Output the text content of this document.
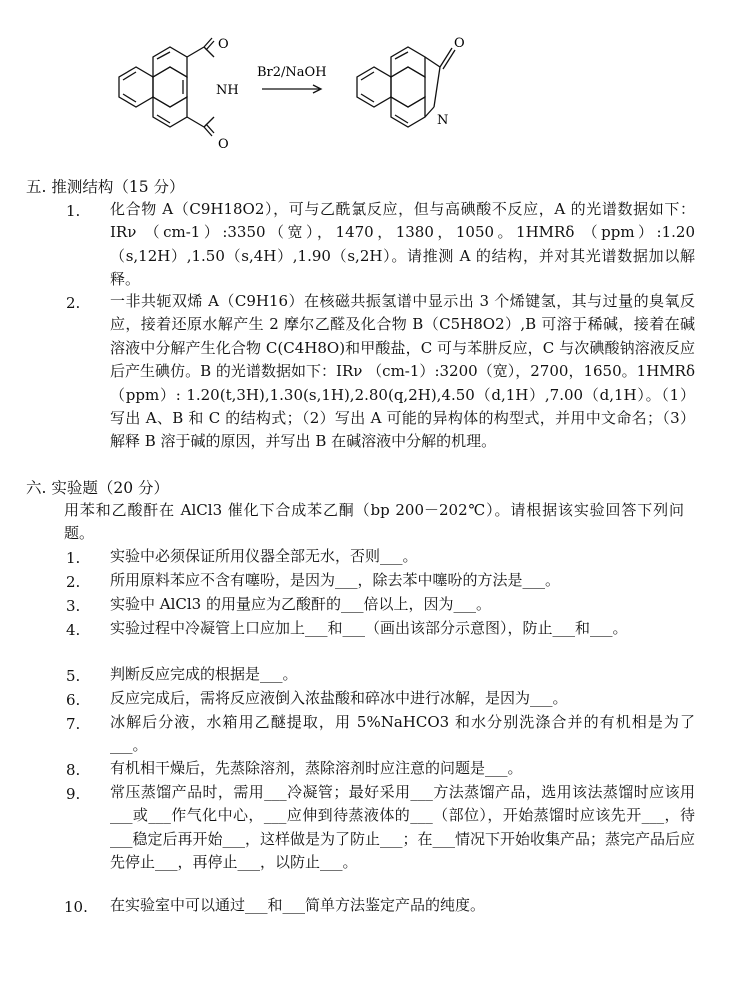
O
NH
O
Br2/NaOH
O
N
五. 推测结构（15 分）
1. 化合物 A（C9H18O2），可与乙酰氯反应，但与高碘酸不反应，A 的光谱数据如下：IRν （cm-1）:3350（宽），1470，1380，1050。1HMRδ （ppm）:1.20（s,12H）,1.50（s,4H）,1.90（s,2H）。请推测 A 的结构，并对其光谱数据加以解释。
2. 一非共轭双烯 A（C9H16）在核磁共振氢谱中显示出 3 个烯键氢，其与过量的臭氧反应，接着还原水解产生 2 摩尔乙醛及化合物 B（C5H8O2）,B 可溶于稀碱，接着在碱溶液中分解产生化合物 C(C4H8O)和甲酸盐，C 可与苯肼反应，C 与次碘酸钠溶液反应后产生碘仿。B 的光谱数据如下：IRν （cm-1）:3200（宽），2700，1650。1HMRδ （ppm）: 1.20(t,3H),1.30(s,1H),2.80(q,2H),4.50（d,1H）,7.00（d,1H）。（1）写出 A、B 和 C 的结构式；（2）写出 A 可能的异构体的构型式，并用中文命名；（3）解释 B 溶于碱的原因，并写出 B 在碱溶液中分解的机理。
六. 实验题（20 分）
用苯和乙酸酐在 AlCl3 催化下合成苯乙酮（bp 200－202℃）。请根据该实验回答下列问题。
1. 实验中必须保证所用仪器全部无水，否则___。
2. 所用原料苯应不含有噻吩，是因为___，除去苯中噻吩的方法是___。
3. 实验中 AlCl3 的用量应为乙酸酐的___倍以上，因为___。
4. 实验过程中冷凝管上口应加上___和___（画出该部分示意图），防止___和___。
5. 判断反应完成的根据是___。
6. 反应完成后，需将反应液倒入浓盐酸和碎冰中进行冰解，是因为___。
7. 冰解后分液，水箱用乙醚提取，用 5%NaHCO3 和水分别洗涤合并的有机相是为了___。
8. 有机相干燥后，先蒸除溶剂，蒸除溶剂时应注意的问题是___。
9. 常压蒸馏产品时，需用___冷凝管；最好采用___方法蒸馏产品，选用该法蒸馏时应该用___或___作气化中心，___应伸到待蒸液体的___（部位），开始蒸馏时应该先开___，待___稳定后再开始___，这样做是为了防止___；在___情况下开始收集产品；蒸完产品后应先停止___，再停止___，以防止___。
10. 在实验室中可以通过___和___简单方法鉴定产品的纯度。
